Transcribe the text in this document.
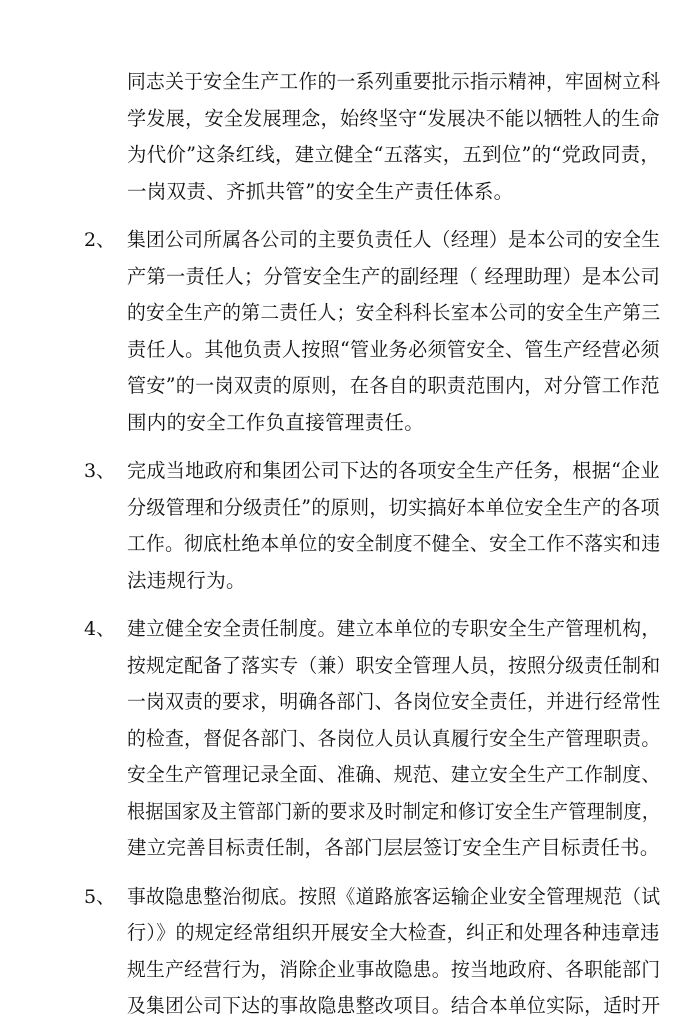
同志关于安全生产工作的一系列重要批示指示精神，牢固树立科
学发展，安全发展理念，始终坚守“发展决不能以牺牲人的生命
为代价”这条红线，建立健全“五落实，五到位”的“党政同责，
一岗双责、齐抓共管”的安全生产责任体系。
2、 集团公司所属各公司的主要负责任人（经理）是本公司的安全生
产第一责任人；分管安全生产的副经理（ 经理助理）是本公司
的安全生产的第二责任人；安全科科长室本公司的安全生产第三
责任人。其他负责人按照“管业务必须管安全、管生产经营必须
管安”的一岗双责的原则，在各自的职责范围内，对分管工作范
围内的安全工作负直接管理责任。
3、 完成当地政府和集团公司下达的各项安全生产任务，根据“企业
分级管理和分级责任”的原则，切实搞好本单位安全生产的各项
工作。彻底杜绝本单位的安全制度不健全、安全工作不落实和违
法违规行为。
4、 建立健全安全责任制度。建立本单位的专职安全生产管理机构，
按规定配备了落实专（兼）职安全管理人员，按照分级责任制和
一岗双责的要求，明确各部门、各岗位安全责任，并进行经常性
的检查，督促各部门、各岗位人员认真履行安全生产管理职责。
安全生产管理记录全面、准确、规范、建立安全生产工作制度、
根据国家及主管部门新的要求及时制定和修订安全生产管理制度，
建立完善目标责任制，各部门层层签订安全生产目标责任书。
5、 事故隐患整治彻底。按照《道路旅客运输企业安全管理规范（试
行）》的规定经常组织开展安全大检查，纠正和处理各种违章违
规生产经营行为，消除企业事故隐患。按当地政府、各职能部门
及集团公司下达的事故隐患整改项目。结合本单位实际，适时开
